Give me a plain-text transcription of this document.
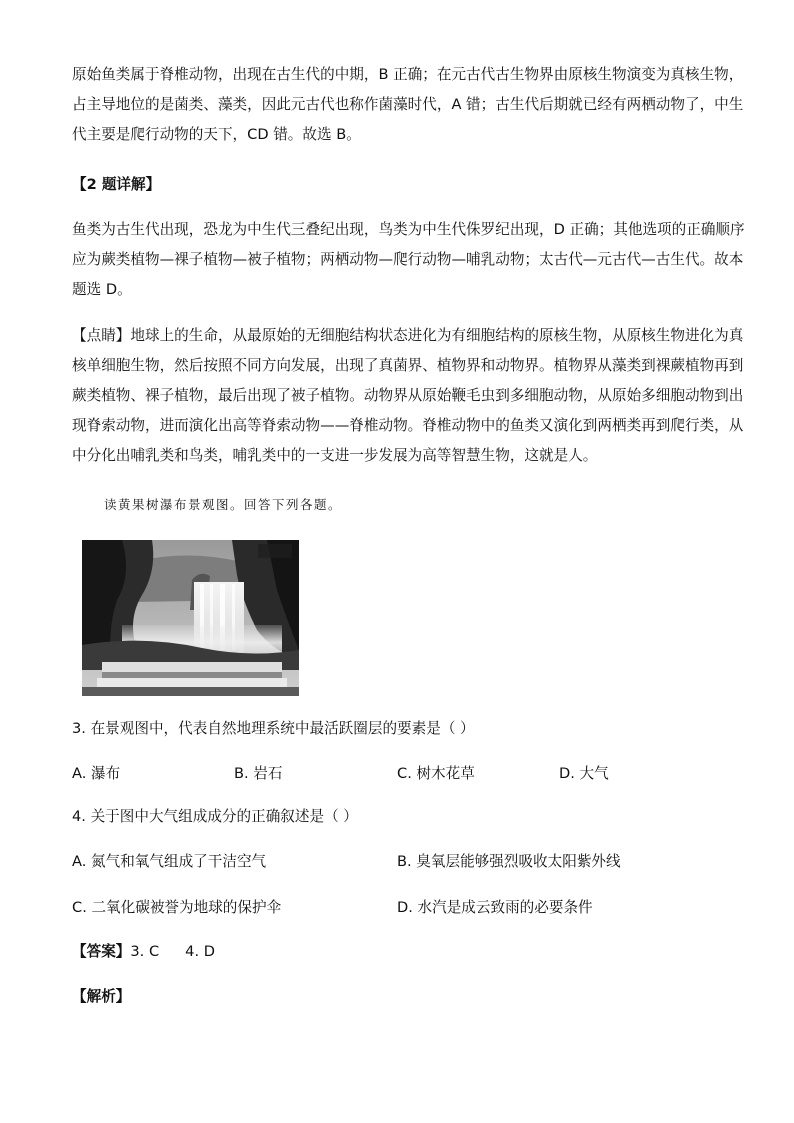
原始鱼类属于脊椎动物，出现在古生代的中期，B 正确；在元古代古生物界由原核生物演变为真核生物，
占主导地位的是菌类、藻类，因此元古代也称作菌藻时代，A 错；古生代后期就已经有两栖动物了，中生
代主要是爬行动物的天下，CD 错。故选 B。
【2 题详解】
鱼类为古生代出现，恐龙为中生代三叠纪出现，鸟类为中生代侏罗纪出现，D 正确；其他选项的正确顺序
应为蕨类植物—裸子植物—被子植物；两栖动物—爬行动物—哺乳动物；太古代—元古代—古生代。故本
题选 D。
【点睛】地球上的生命，从最原始的无细胞结构状态进化为有细胞结构的原核生物，从原核生物进化为真
核单细胞生物，然后按照不同方向发展，出现了真菌界、植物界和动物界。植物界从藻类到裸蕨植物再到
蕨类植物、裸子植物，最后出现了被子植物。动物界从原始鞭毛虫到多细胞动物，从原始多细胞动物到出
现脊索动物，进而演化出高等脊索动物——脊椎动物。脊椎动物中的鱼类又演化到两栖类再到爬行类，从
中分化出哺乳类和鸟类，哺乳类中的一支进一步发展为高等智慧生物，这就是人。
读黄果树瀑布景观图。回答下列各题。
3. 在景观图中，代表自然地理系统中最活跃圈层的要素是（ ）
A. 瀑布	B. 岩石	C. 树木花草	D. 大气
4. 关于图中大气组成成分的正确叙述是（ ）
A. 氮气和氧气组成了干洁空气	B. 臭氧层能够强烈吸收太阳紫外线
C. 二氧化碳被誉为地球的保护伞	D. 水汽是成云致雨的必要条件
【答案】3. C 4. D
【解析】
